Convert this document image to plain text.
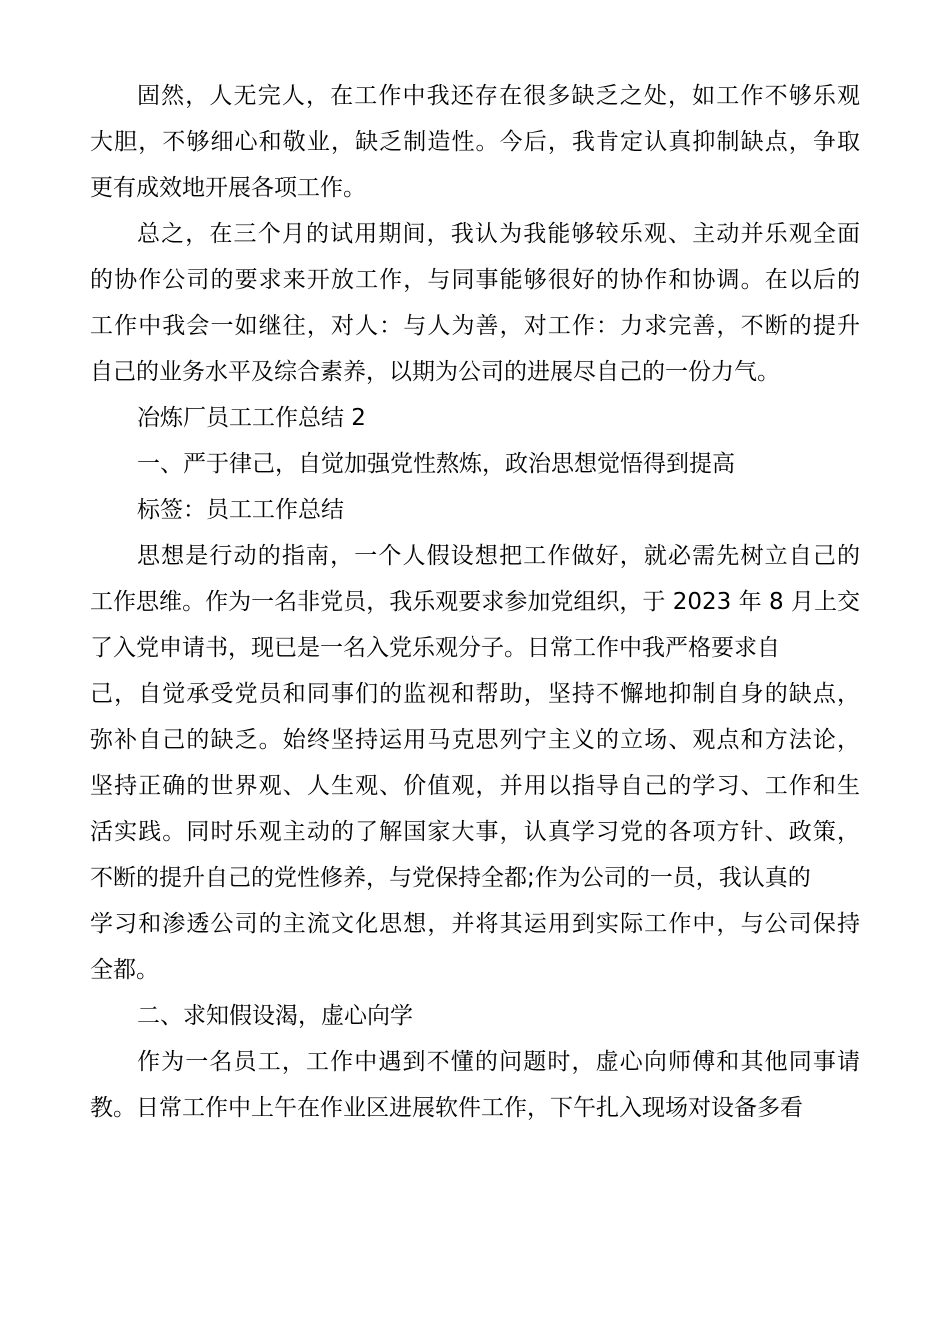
固然，人无完人，在工作中我还存在很多缺乏之处，如工作不够乐观
大胆，不够细心和敬业，缺乏制造性。今后，我肯定认真抑制缺点，争取
更有成效地开展各项工作。
总之，在三个月的试用期间，我认为我能够较乐观、主动并乐观全面
的协作公司的要求来开放工作，与同事能够很好的协作和协调。在以后的
工作中我会一如继往，对人：与人为善，对工作：力求完善，不断的提升
自己的业务水平及综合素养，以期为公司的进展尽自己的一份力气。
冶炼厂员工工作总结 2
一、严于律己，自觉加强党性熬炼，政治思想觉悟得到提高
标签：员工工作总结
思想是行动的指南，一个人假设想把工作做好，就必需先树立自己的
工作思维。作为一名非党员，我乐观要求参加党组织，于 2023 年 8 月上交
了入党申请书，现已是一名入党乐观分子。日常工作中我严格要求自
己，自觉承受党员和同事们的监视和帮助，坚持不懈地抑制自身的缺点，
弥补自己的缺乏。始终坚持运用马克思列宁主义的立场、观点和方法论，
坚持正确的世界观、人生观、价值观，并用以指导自己的学习、工作和生
活实践。同时乐观主动的了解国家大事，认真学习党的各项方针、政策，
不断的提升自己的党性修养，与党保持全都;作为公司的一员，我认真的
学习和渗透公司的主流文化思想，并将其运用到实际工作中，与公司保持
全都。
二、求知假设渴，虚心向学
作为一名员工，工作中遇到不懂的问题时，虚心向师傅和其他同事请
教。日常工作中上午在作业区进展软件工作，下午扎入现场对设备多看
